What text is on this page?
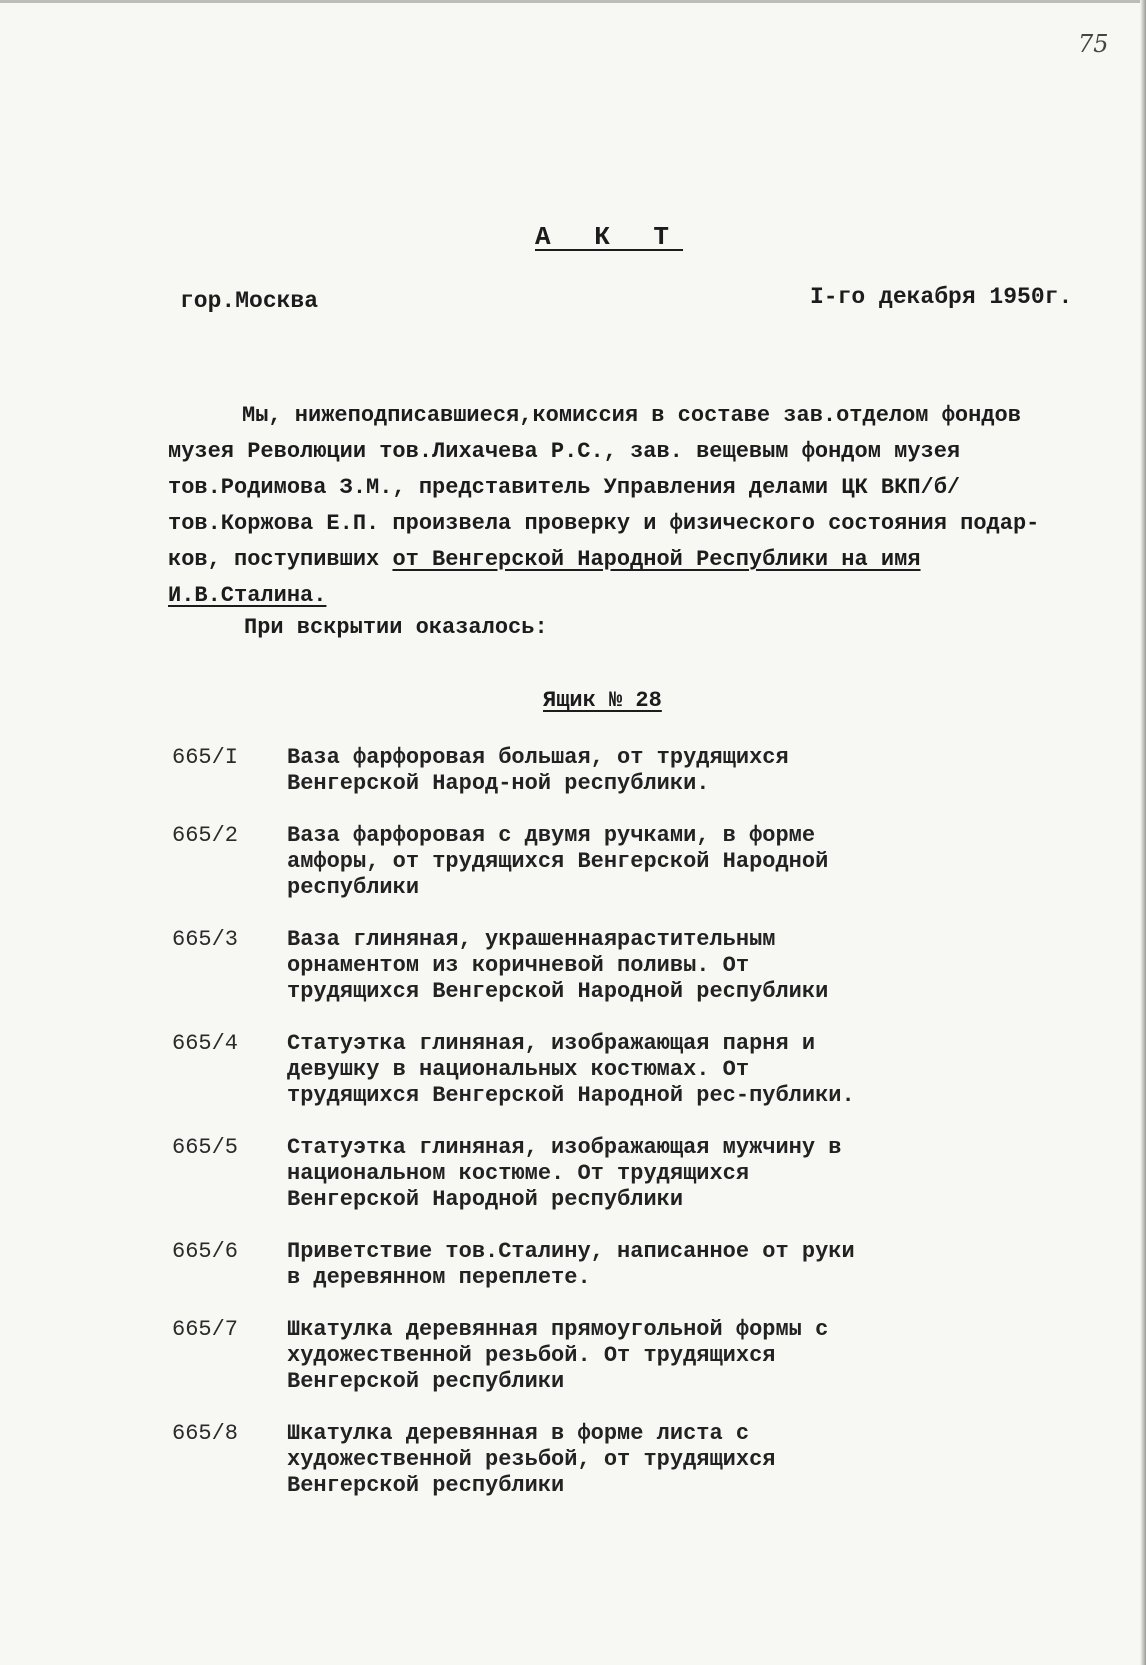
75
А К Т
гор.Москва	I-го декабря 1950г.
Мы, нижеподписавшиеся,комиссия в составе зав.отделом фондов
музея Революции тов.Лихачева Р.С., зав. вещевым фондом музея
тов.Родимова З.М., представитель Управления делами ЦК ВКП/б/
тов.Коржова Е.П. произвела проверку и физического состояния подар-
ков, поступивших от Венгерской Народной Республики на имя
И.В.Сталина.
При вскрытии оказалось:
Ящик № 28
665/I	Ваза фарфоровая большая, от трудящихся Венгерской Народ-ной республики.
665/2	Ваза фарфоровая с двумя ручками, в форме амфоры, от трудящихся Венгерской Народной республики
665/3	Ваза глиняная, украшеннаярастительным орнаментом из коричневой поливы. От трудящихся Венгерской Народной республики
665/4	Статуэтка глиняная, изображающая парня и девушку в национальных костюмах. От трудящихся Венгерской Народной рес-публики.
665/5	Статуэтка глиняная, изображающая мужчину в национальном костюме. От трудящихся Венгерской Народной республики
665/6	Приветствие тов.Сталину, написанное от руки в деревянном переплете.
665/7	Шкатулка деревянная прямоугольной формы с художественной резьбой. От трудящихся Венгерской республики
665/8	Шкатулка деревянная в форме листа с художественной резьбой, от трудящихся Венгерской республики
